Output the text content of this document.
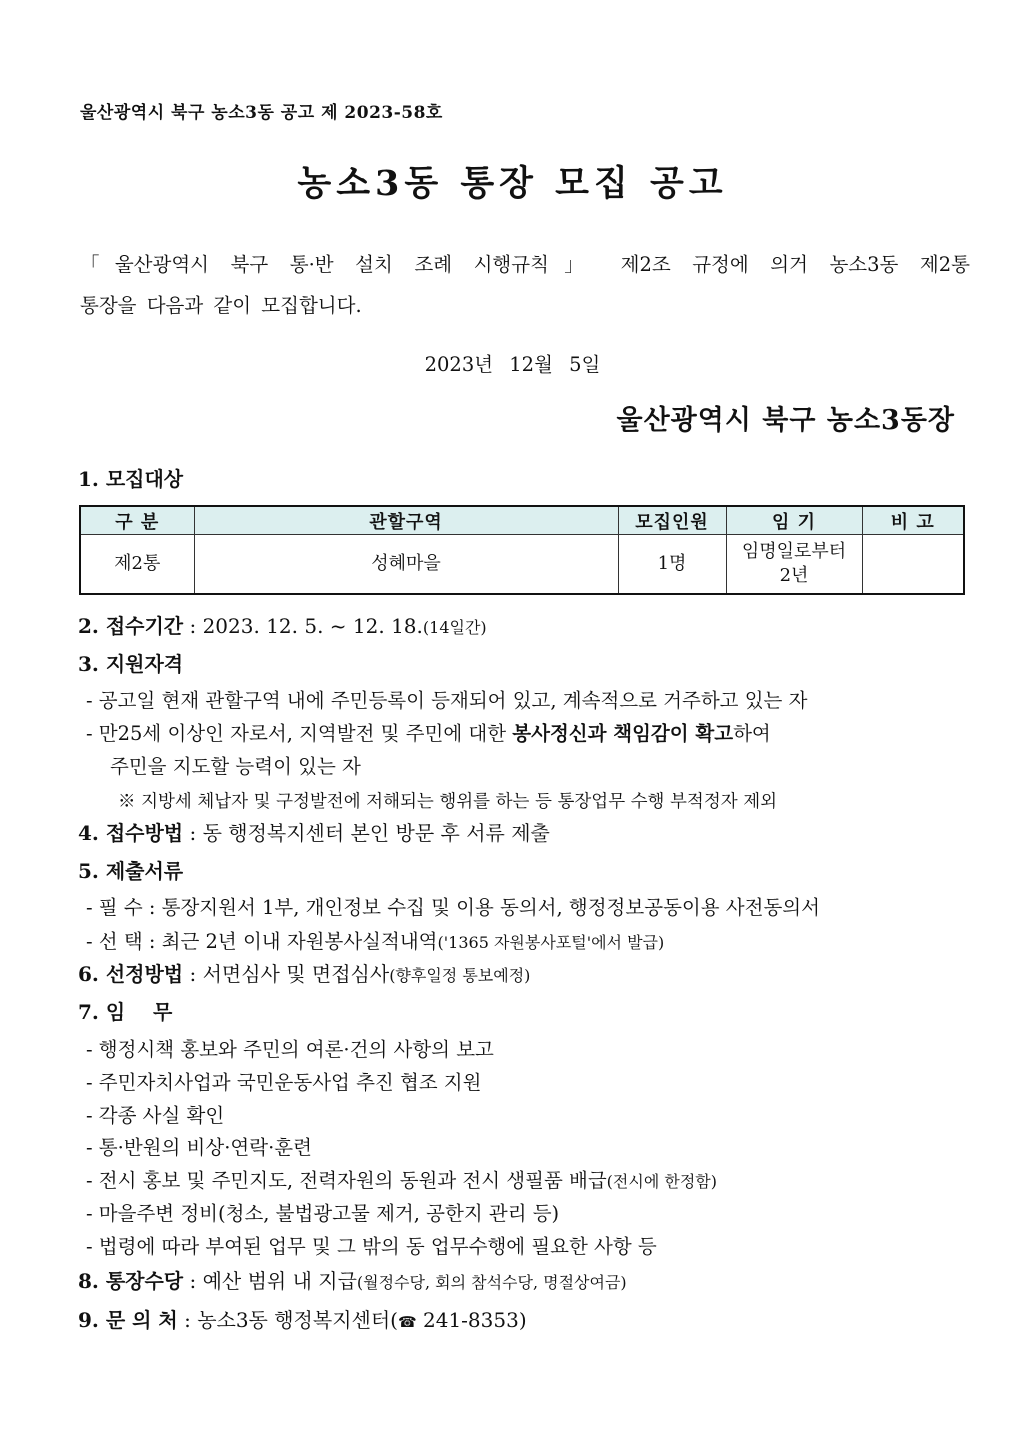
울산광역시 북구 농소3동 공고 제 2023-58호
농소3동 통장 모집 공고
「울산광역시 북구 통·반 설치 조례 시행규칙」 제2조 규정에 의거 농소3동 제2통
통장을 다음과 같이 모집합니다.
2023년 12월 5일
울산광역시 북구 농소3동장
1. 모집대상
구 분	관할구역	모집인원	임 기	비 고
제2통	성혜마을	1명	임명일로부터
2년	

2. 접수기간 : 2023. 12. 5. ~ 12. 18.(14일간)
3. 지원자격
- 공고일 현재 관할구역 내에 주민등록이 등재되어 있고, 계속적으로 거주하고 있는 자
- 만25세 이상인 자로서, 지역발전 및 주민에 대한 봉사정신과 책임감이 확고하여
주민을 지도할 능력이 있는 자
※ 지방세 체납자 및 구정발전에 저해되는 행위를 하는 등 통장업무 수행 부적정자 제외
4. 접수방법 : 동 행정복지센터 본인 방문 후 서류 제출
5. 제출서류
- 필 수 : 통장지원서 1부, 개인정보 수집 및 이용 동의서, 행정정보공동이용 사전동의서
- 선 택 : 최근 2년 이내 자원봉사실적내역('1365 자원봉사포털'에서 발급)
6. 선정방법 : 서면심사 및 면접심사(향후일정 통보예정)
7. 임    무
- 행정시책 홍보와 주민의 여론·건의 사항의 보고
- 주민자치사업과 국민운동사업 추진 협조 지원
- 각종 사실 확인
- 통·반원의 비상·연락·훈련
- 전시 홍보 및 주민지도, 전력자원의 동원과 전시 생필품 배급(전시에 한정함)
- 마을주변 정비(청소, 불법광고물 제거, 공한지 관리 등)
- 법령에 따라 부여된 업무 및 그 밖의 동 업무수행에 필요한 사항 등
8. 통장수당 : 예산 범위 내 지급(월정수당, 회의 참석수당, 명절상여금)
9. 문 의 처 : 농소3동 행정복지센터(☎ 241-8353)
